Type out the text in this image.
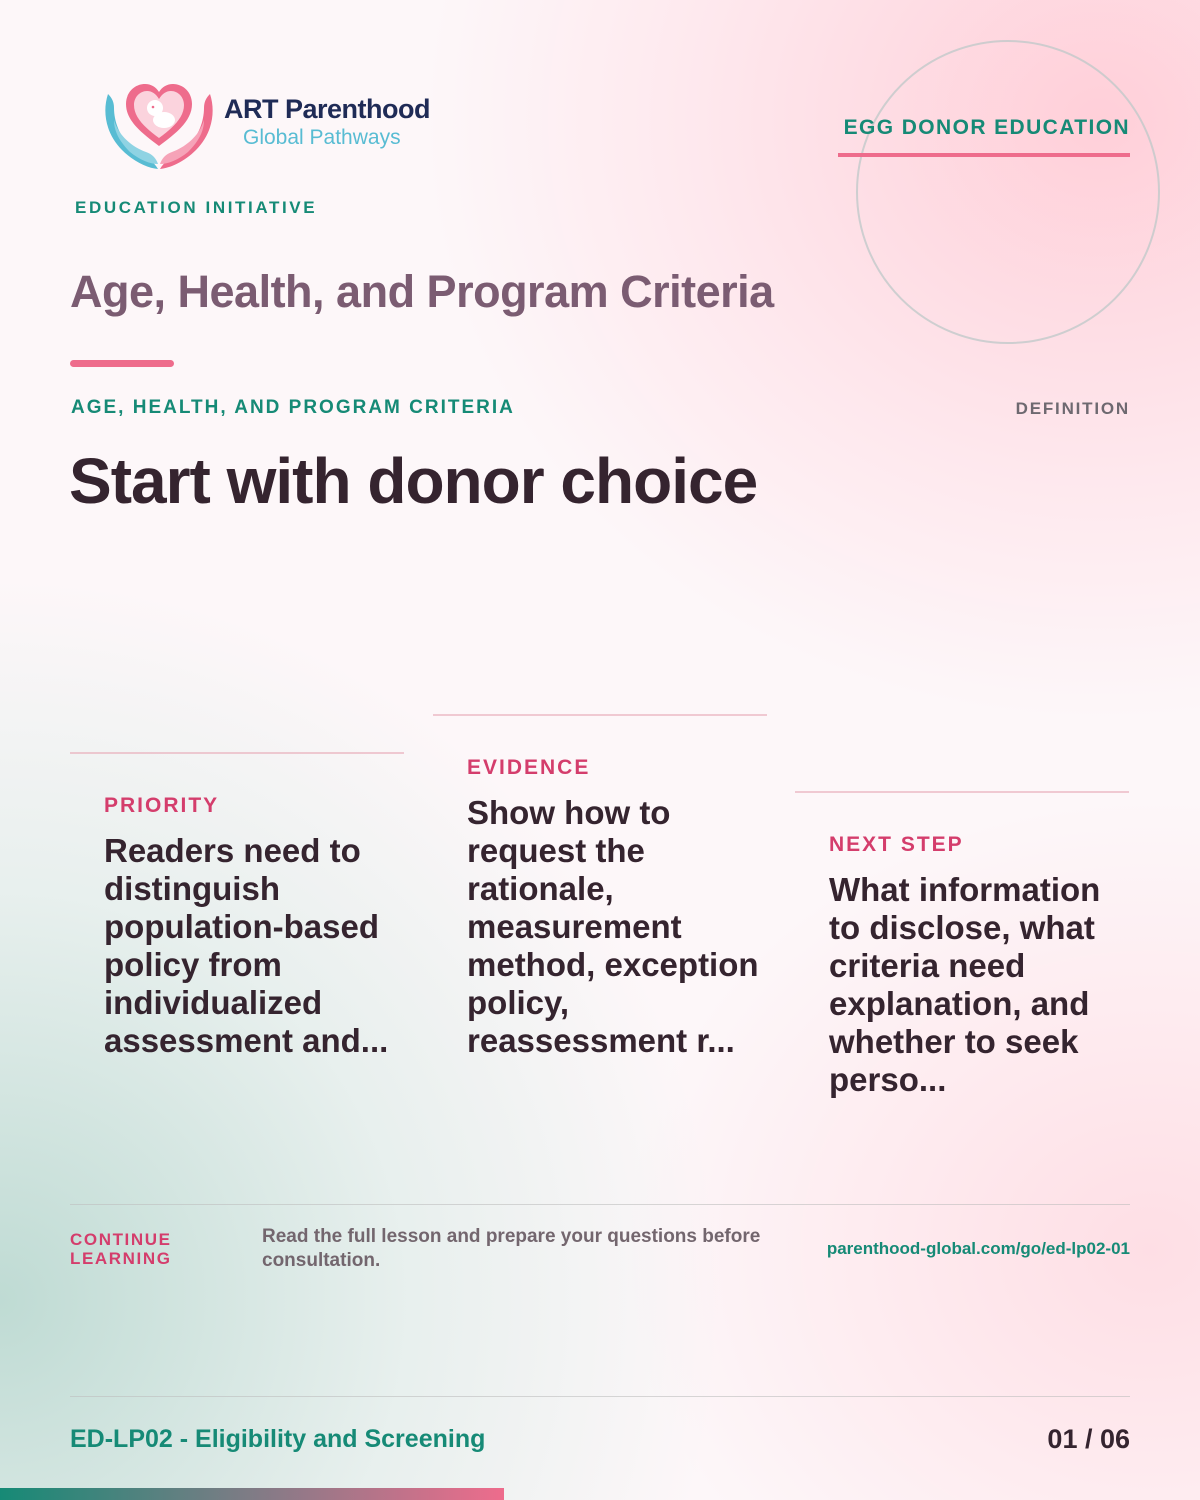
ART Parenthood
Global Pathways
EDUCATION INITIATIVE
EGG DONOR EDUCATION
Age, Health, and Program Criteria
AGE, HEALTH, AND PROGRAM CRITERIA	DEFINITION
Start with donor choice
PRIORITY
Readers need to distinguish population-based policy from individualized assessment and...
EVIDENCE
Show how to request the rationale, measurement method, exception policy, reassessment r...
NEXT STEP
What information to disclose, what criteria need explanation, and whether to seek perso...
CONTINUE LEARNING
Read the full lesson and prepare your questions before consultation.
parenthood-global.com/go/ed-lp02-01
ED-LP02 - Eligibility and Screening	01 / 06
